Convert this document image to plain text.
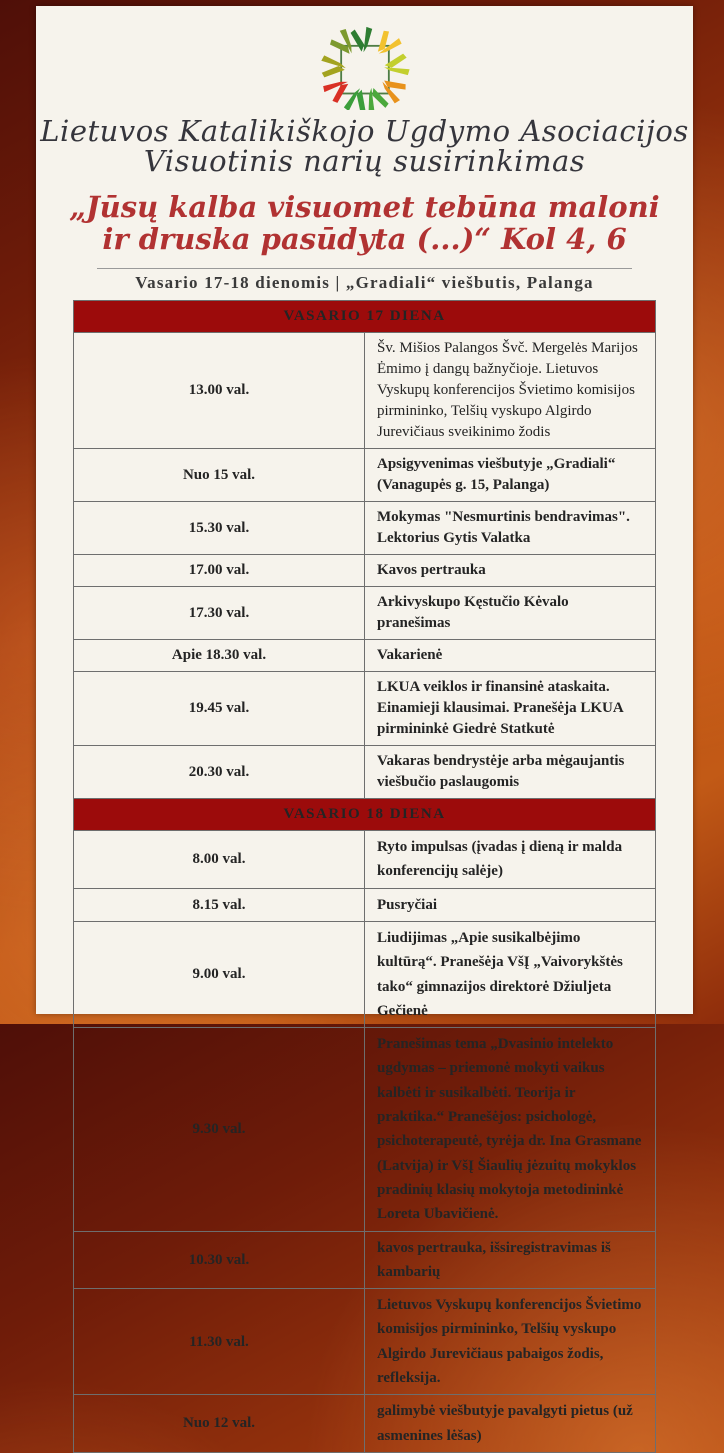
Lietuvos Katalikiškojo Ugdymo Asociacijos
Visuotinis narių susirinkimas
„Jūsų kalba visuomet tebūna maloni
ir druska pasūdyta (...)“ Kol 4, 6
Vasario 17-18 dienomis | „Gradiali“ viešbutis, Palanga
VASARIO 17 DIENA	
13.00 val.	Šv. Mišios Palangos Švč. Mergelės Marijos Ėmimo į dangų bažnyčioje. Lietuvos Vyskupų konferencijos Švietimo komisijos pirmininko, Telšių vyskupo Algirdo Jurevičiaus sveikinimo žodis
Nuo 15 val.	Apsigyvenimas viešbutyje „Gradiali“ (Vanagupės g. 15, Palanga)
15.30 val.	Mokymas "Nesmurtinis bendravimas". Lektorius Gytis Valatka
17.00 val.	Kavos pertrauka
17.30 val.	Arkivyskupo Kęstučio Kėvalo pranešimas
Apie 18.30 val.	Vakarienė
19.45 val.	LKUA veiklos ir finansinė ataskaita. Einamieji klausimai. Pranešėja LKUA pirmininkė Giedrė Statkutė
20.30 val.	Vakaras bendrystėje arba mėgaujantis viešbučio paslaugomis
VASARIO 18 DIENA	
8.00 val.	Ryto impulsas (įvadas į dieną ir malda konferencijų salėje)
8.15 val.	Pusryčiai
9.00 val.	Liudijimas „Apie susikalbėjimo kultūrą“. Pranešėja VšĮ „Vaivorykštės tako“ gimnazijos direktorė Džiuljeta Gečienė
9.30 val.	Pranešimas tema „Dvasinio intelekto ugdymas – priemonė mokyti vaikus kalbėti ir susikalbėti. Teorija ir praktika.“ Pranešėjos: psichologė, psichoterapeutė, tyrėja dr. Ina Grasmane (Latvija) ir VšĮ Šiaulių jėzuitų mokyklos pradinių klasių mokytoja metodininkė Loreta Ubavičienė.
10.30 val.	kavos pertrauka, išsiregistravimas iš kambarių
11.30 val.	Lietuvos Vyskupų konferencijos Švietimo komisijos pirmininko, Telšių vyskupo Algirdo Jurevičiaus pabaigos žodis, refleksija.
Nuo 12 val.	galimybė viešbutyje pavalgyti pietus (už asmenines lėšas)
